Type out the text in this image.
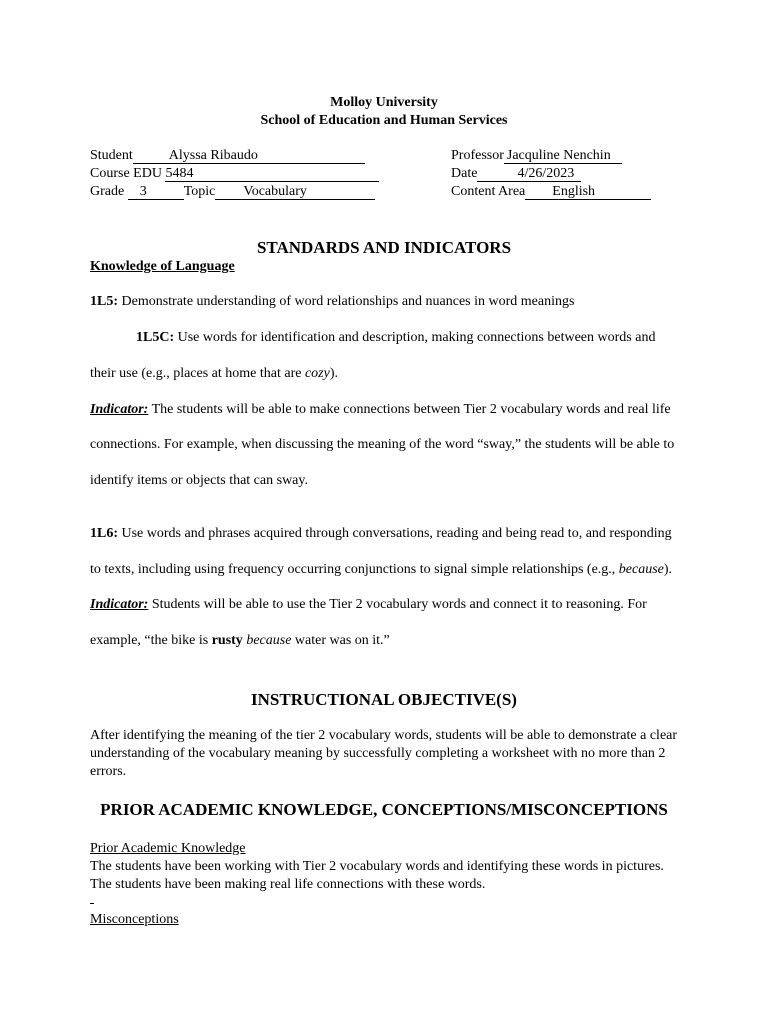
Molloy University
School of Education and Human Services
Student	Alyssa Ribaudo
Course EDU 5484
Grade 3	Topic Vocabulary
Professor Jacquline Nenchin
Date	4/26/2023
Content Area English
STANDARDS AND INDICATORS
Knowledge of Language
1L5: Demonstrate understanding of word relationships and nuances in word meanings
1L5C: Use words for identification and description, making connections between words and
their use (e.g., places at home that are cozy).
Indicator: The students will be able to make connections between Tier 2 vocabulary words and real life
connections. For example, when discussing the meaning of the word “sway,” the students will be able to
identify items or objects that can sway.
1L6: Use words and phrases acquired through conversations, reading and being read to, and responding
to texts, including using frequency occurring conjunctions to signal simple relationships (e.g., because).
Indicator: Students will be able to use the Tier 2 vocabulary words and connect it to reasoning. For
example, “the bike is rusty because water was on it.”
INSTRUCTIONAL OBJECTIVE(S)
After identifying the meaning of the tier 2 vocabulary words, students will be able to demonstrate a clear
understanding of the vocabulary meaning by successfully completing a worksheet with no more than 2
errors.
PRIOR ACADEMIC KNOWLEDGE, CONCEPTIONS/MISCONCEPTIONS
Prior Academic Knowledge
The students have been working with Tier 2 vocabulary words and identifying these words in pictures.
The students have been making real life connections with these words.
Misconceptions
